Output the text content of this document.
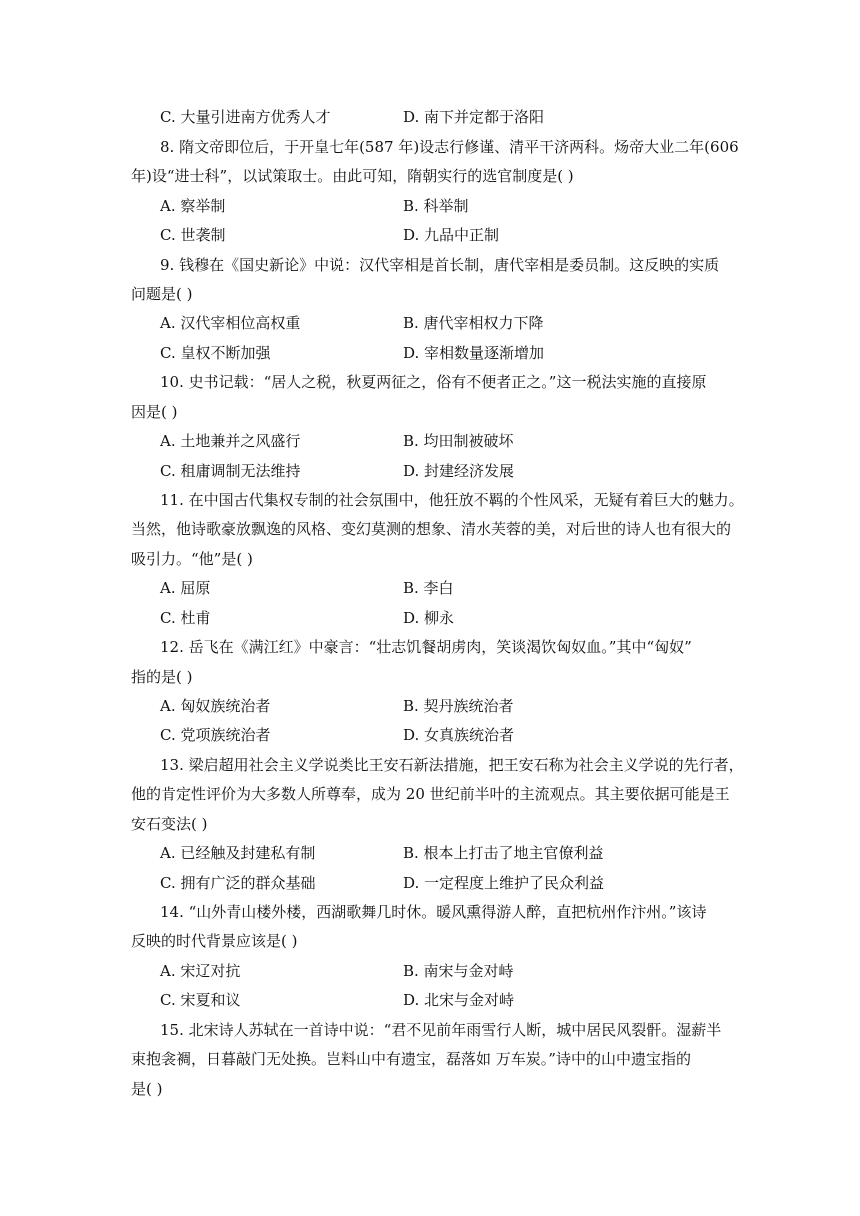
C. 大量引进南方优秀人才	D. 南下并定都于洛阳
8. 隋文帝即位后，于开皇七年(587 年)设志行修谨、清平干济两科。炀帝大业二年(606
年)设“进士科”，以试策取士。由此可知，隋朝实行的选官制度是( )
A. 察举制	B. 科举制
C. 世袭制	D. 九品中正制
9. 钱穆在《国史新论》中说：汉代宰相是首长制，唐代宰相是委员制。这反映的实质
问题是( )
A. 汉代宰相位高权重	B. 唐代宰相权力下降
C. 皇权不断加强	D. 宰相数量逐渐增加
10. 史书记载：“居人之税，秋夏两征之，俗有不便者正之。”这一税法实施的直接原
因是( )
A. 土地兼并之风盛行	B. 均田制被破坏
C. 租庸调制无法维持	D. 封建经济发展
11. 在中国古代集权专制的社会氛围中，他狂放不羁的个性风采，无疑有着巨大的魅力。
当然，他诗歌豪放飘逸的风格、变幻莫测的想象、清水芙蓉的美，对后世的诗人也有很大的
吸引力。“他”是( )
A. 屈原	B. 李白
C. 杜甫	D. 柳永
12. 岳飞在《满江红》中豪言：“壮志饥餐胡虏肉，笑谈渴饮匈奴血。”其中“匈奴”
指的是( )
A. 匈奴族统治者	B. 契丹族统治者
C. 党项族统治者	D. 女真族统治者
13. 梁启超用社会主义学说类比王安石新法措施，把王安石称为社会主义学说的先行者，
他的肯定性评价为大多数人所尊奉，成为 20 世纪前半叶的主流观点。其主要依据可能是王
安石变法( )
A. 已经触及封建私有制	B. 根本上打击了地主官僚利益
C. 拥有广泛的群众基础	D. 一定程度上维护了民众利益
14. “山外青山楼外楼，西湖歌舞几时休。暖风熏得游人醉，直把杭州作汴州。”该诗
反映的时代背景应该是( )
A. 宋辽对抗	B. 南宋与金对峙
C. 宋夏和议	D. 北宋与金对峙
15. 北宋诗人苏轼在一首诗中说：“君不见前年雨雪行人断，城中居民风裂骭。湿薪半
束抱衾裯，日暮敲门无处换。岂料山中有遗宝，磊落如 万车炭。”诗中的山中遗宝指的
是( )
